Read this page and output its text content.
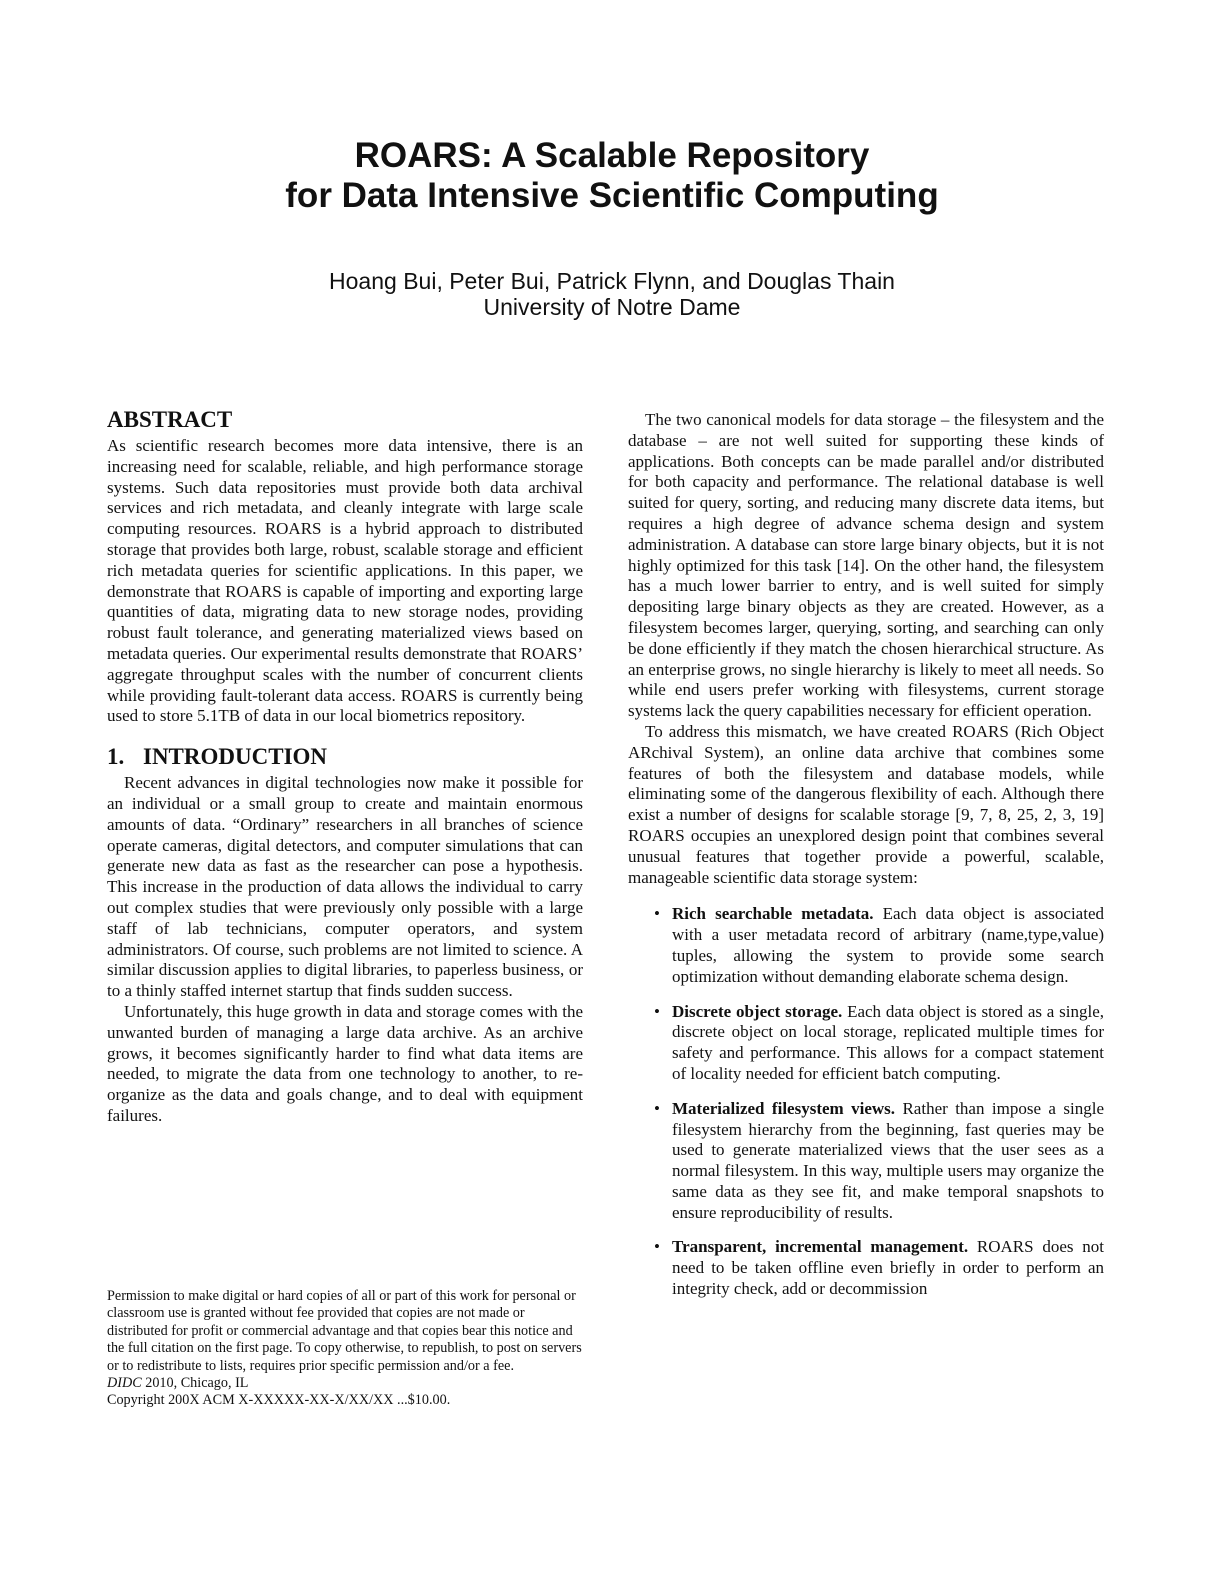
ROARS: A Scalable Repository
for Data Intensive Scientific Computing
Hoang Bui, Peter Bui, Patrick Flynn, and Douglas Thain
University of Notre Dame
ABSTRACT

As scientific research becomes more data intensive, there is an increasing need for scalable, reliable, and high performance storage systems. Such data repositories must provide both data archival services and rich metadata, and cleanly integrate with large scale computing resources. ROARS is a hybrid approach to distributed storage that provides both large, robust, scalable storage and efficient rich metadata queries for scientific applications. In this paper, we demonstrate that ROARS is capable of importing and exporting large quantities of data, migrating data to new storage nodes, providing robust fault tolerance, and generating materialized views based on metadata queries. Our experimental results demonstrate that ROARS’ aggregate throughput scales with the number of concurrent clients while providing fault-tolerant data access. ROARS is currently being used to store 5.1TB of data in our local biometrics repository.

1. INTRODUCTION

Recent advances in digital technologies now make it possible for an individual or a small group to create and maintain enormous amounts of data. “Ordinary” researchers in all branches of science operate cameras, digital detectors, and computer simulations that can generate new data as fast as the researcher can pose a hypothesis. This increase in the production of data allows the individual to carry out complex studies that were previously only possible with a large staff of lab technicians, computer operators, and system administrators. Of course, such problems are not limited to science. A similar discussion applies to digital libraries, to paperless business, or to a thinly staffed internet startup that finds sudden success.

Unfortunately, this huge growth in data and storage comes with the unwanted burden of managing a large data archive. As an archive grows, it becomes significantly harder to find what data items are needed, to migrate the data from one technology to another, to re-organize as the data and goals change, and to deal with equipment failures.

Permission to make digital or hard copies of all or part of this work for personal or classroom use is granted without fee provided that copies are not made or distributed for profit or commercial advantage and that copies bear this notice and the full citation on the first page. To copy otherwise, to republish, to post on servers or to redistribute to lists, requires prior specific permission and/or a fee.

DIDC 2010, Chicago, IL

Copyright 200X ACM X-XXXXX-XX-X/XX/XX ...$10.00.

The two canonical models for data storage – the filesystem and the database – are not well suited for supporting these kinds of applications. Both concepts can be made parallel and/or distributed for both capacity and performance. The relational database is well suited for query, sorting, and reducing many discrete data items, but requires a high degree of advance schema design and system administration. A database can store large binary objects, but it is not highly optimized for this task [14]. On the other hand, the filesystem has a much lower barrier to entry, and is well suited for simply depositing large binary objects as they are created. However, as a filesystem becomes larger, querying, sorting, and searching can only be done efficiently if they match the chosen hierarchical structure. As an enterprise grows, no single hierarchy is likely to meet all needs. So while end users prefer working with filesystems, current storage systems lack the query capabilities necessary for efficient operation.

To address this mismatch, we have created ROARS (Rich Object ARchival System), an online data archive that combines some features of both the filesystem and database models, while eliminating some of the dangerous flexibility of each. Although there exist a number of designs for scalable storage [9, 7, 8, 25, 2, 3, 19] ROARS occupies an unexplored design point that combines several unusual features that together provide a powerful, scalable, manageable scientific data storage system:

• Rich searchable metadata. Each data object is associated with a user metadata record of arbitrary (name,type,value) tuples, allowing the system to provide some search optimization without demanding elaborate schema design.
• Discrete object storage. Each data object is stored as a single, discrete object on local storage, replicated multiple times for safety and performance. This allows for a compact statement of locality needed for efficient batch computing.
• Materialized filesystem views. Rather than impose a single filesystem hierarchy from the beginning, fast queries may be used to generate materialized views that the user sees as a normal filesystem. In this way, multiple users may organize the same data as they see fit, and make temporal snapshots to ensure reproducibility of results.
• Transparent, incremental management. ROARS does not need to be taken offline even briefly in order to perform an integrity check, add or decommission
